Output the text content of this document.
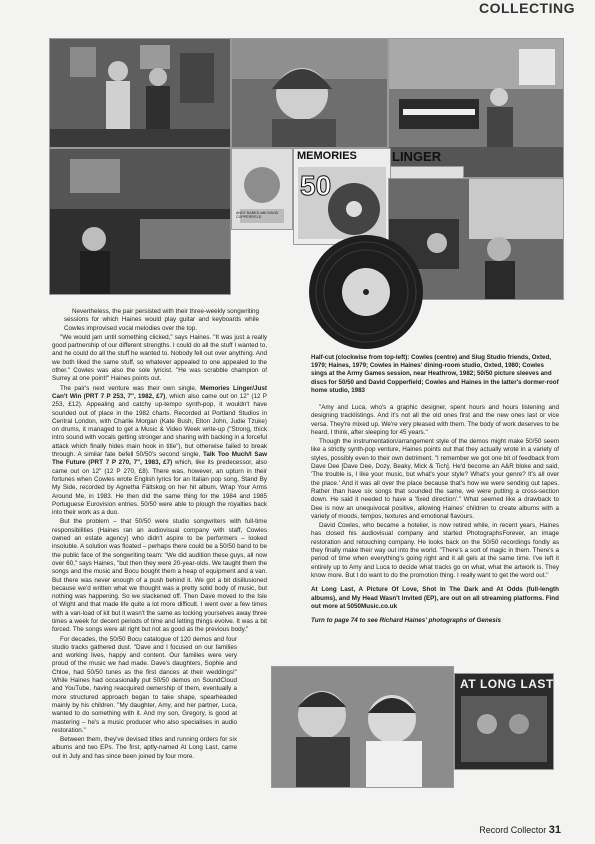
COLLECTING
ANDY BANKS with DAVID COPPERFIELD
MEMORIES	LINGER
50

Nevertheless, the pair persisted with their three-weekly songwriting sessions for which Haines would play guitar and keyboards while Cowles improvised vocal melodies over the top.

"We would jam until something clicked," says Haines. "It was just a really good partnership of our different strengths. I could do all the stuff I wanted to, and he could do all the stuff he wanted to. Nobody fell out over anything. And we both liked the same stuff, so whatever appealed to one appealed to the other." Cowles was also the sole lyricist. "He was scrabble champion of Surrey at one point!" Haines points out.

The pair's next venture was their own single, Memories Linger/Just Can't Win (PRT 7 P 253, 7", 1982, £7), which also came out on 12" (12 P 253, £12). Appealing and catchy up-tempo synth-pop, it wouldn't have sounded out of place in the 1982 charts. Recorded at Portland Studios in Central London, with Charlie Morgan (Kate Bush, Elton John, Judie Tzuke) on drums, it managed to get a Music & Video Week write-up ("Strong, thick intro sound with vocals getting stronger and sharing with backing in a forceful attack which finally hides main hook in title"), but otherwise failed to break through. A similar fate befell 50/50's second single, Talk Too Much/I Saw The Future (PRT 7 P 270, 7", 1983, £7) which, like its predecessor, also came out on 12" (12 P 270, £8). There was, however, an upturn in their fortunes when Cowles wrote English lyrics for an Italian pop song, Stand By My Side, recorded by Agnetha Fältskog on her hit album, Wrap Your Arms Around Me, in 1983. He then did the same thing for the 1984 and 1985 Portuguese Eurovision entries. 50/50 were able to plough the royalties back into their work as a duo.

But the problem – that 50/50 were studio songwriters with full-time responsibilities (Haines ran an audiovisual company with staff, Cowles owned an estate agency) who didn't aspire to be performers – looked insoluble. A solution was floated – perhaps there could be a 50/50 band to be the public face of the songwriting team: "We did audition these guys, all now over 60," says Haines, "but then they were 20-year-olds. We taught them the songs and the music and Bocu bought them a heap of equipment and a van. But there was never enough of a push behind it. We got a bit disillusioned because we'd written what we thought was a pretty solid body of music, but nothing was happening. So we slackened off. Then Dave moved to the Isle of Wight and that made life quite a lot more difficult. I went over a few times with a van-load of kit but it wasn't the same as locking yourselves away three times a week for decent periods of time and letting things evolve. It was a bit forced. The songs were all right but not as good as the previous body."

For decades, the 50/50 Bocu catalogue of 120 demos and four studio tracks gathered dust. "Dave and I focused on our families and working lives, happy and content. Our families were very proud of the music we had made. Dave's daughters, Sophie and Chloe, had 50/50 tunes as the first dances at their weddings!" While Haines had occasionally put 50/50 demos on SoundCloud and YouTube, having reacquired ownership of them, eventually a more structured approach began to take shape, spearheaded mainly by his children. "My daughter, Amy, and her partner, Luca, wanted to do something with it. And my son, Gregory, is good at mastering – he's a music producer who also specialises in audio restoration."

Between them, they've devised titles and running orders for six albums and two EPs. The first, aptly-named At Long Last, came out in July and has since been joined by four more.

Half-cut (clockwise from top-left): Cowles (centre) and Slug Studio friends, Oxted, 1979; Haines, 1979; Cowles in Haines' dining-room studio, Oxted, 1980; Cowles sings at the Army Games session, near Heathrow, 1982; 50/50 picture sleeves and discs for 50/50 and David Copperfield; Cowles and Haines in the latter's dormer-roof home studio, 1983

"Amy and Luca, who's a graphic designer, spent hours and hours listening and designing tracklistings. And it's not all the old ones first and the new ones last or vice versa. They're mixed up. We're very pleased with them. The body of work deserves to be heard, I think, after sleeping for 45 years."

Though the instrumentation/arrangement style of the demos might make 50/50 seem like a strictly synth-pop venture, Haines points out that they actually wrote in a variety of styles, possibly even to their own detriment. "I remember we got one bit of feedback from Dave Dee [Dave Dee, Dozy, Beaky, Mick & Tich]. He'd become an A&R bloke and said, 'The trouble is, I like your music, but what's your style? What's your genre? It's all over the place.' And it was all over the place because that's how we were sending out tapes. Rather than have six songs that sounded the same, we were putting a cross-section down. He said it needed to have a 'fixed direction'." What seemed like a drawback to Dee is now an unequivocal positive, allowing Haines' children to create albums with a variety of moods, tempos, textures and emotional flavours.

David Cowles, who became a hotelier, is now retired while, in recent years, Haines has closed his audiovisual company and started PhotographsForever, an image restoration and retouching company. He looks back on the 50/50 recordings fondly as they finally make their way out into the world. "There's a sort of magic in them. There's a period of time when everything's going right and it all gels at the same time. I've left it entirely up to Amy and Luca to decide what tracks go on what, what the artwork is. They know more. But I do want to do the promotion thing. I really want to get the word out."

At Long Last, A Picture Of Love, Shot In The Dark and At Odds (full-length albums), and My Head Wasn't Invited (EP), are out on all streaming platforms. Find out more at 5050Music.co.uk

Turn to page 74 to see Richard Haines' photographs of Genesis

AT LONG LAST
Record Collector 31
